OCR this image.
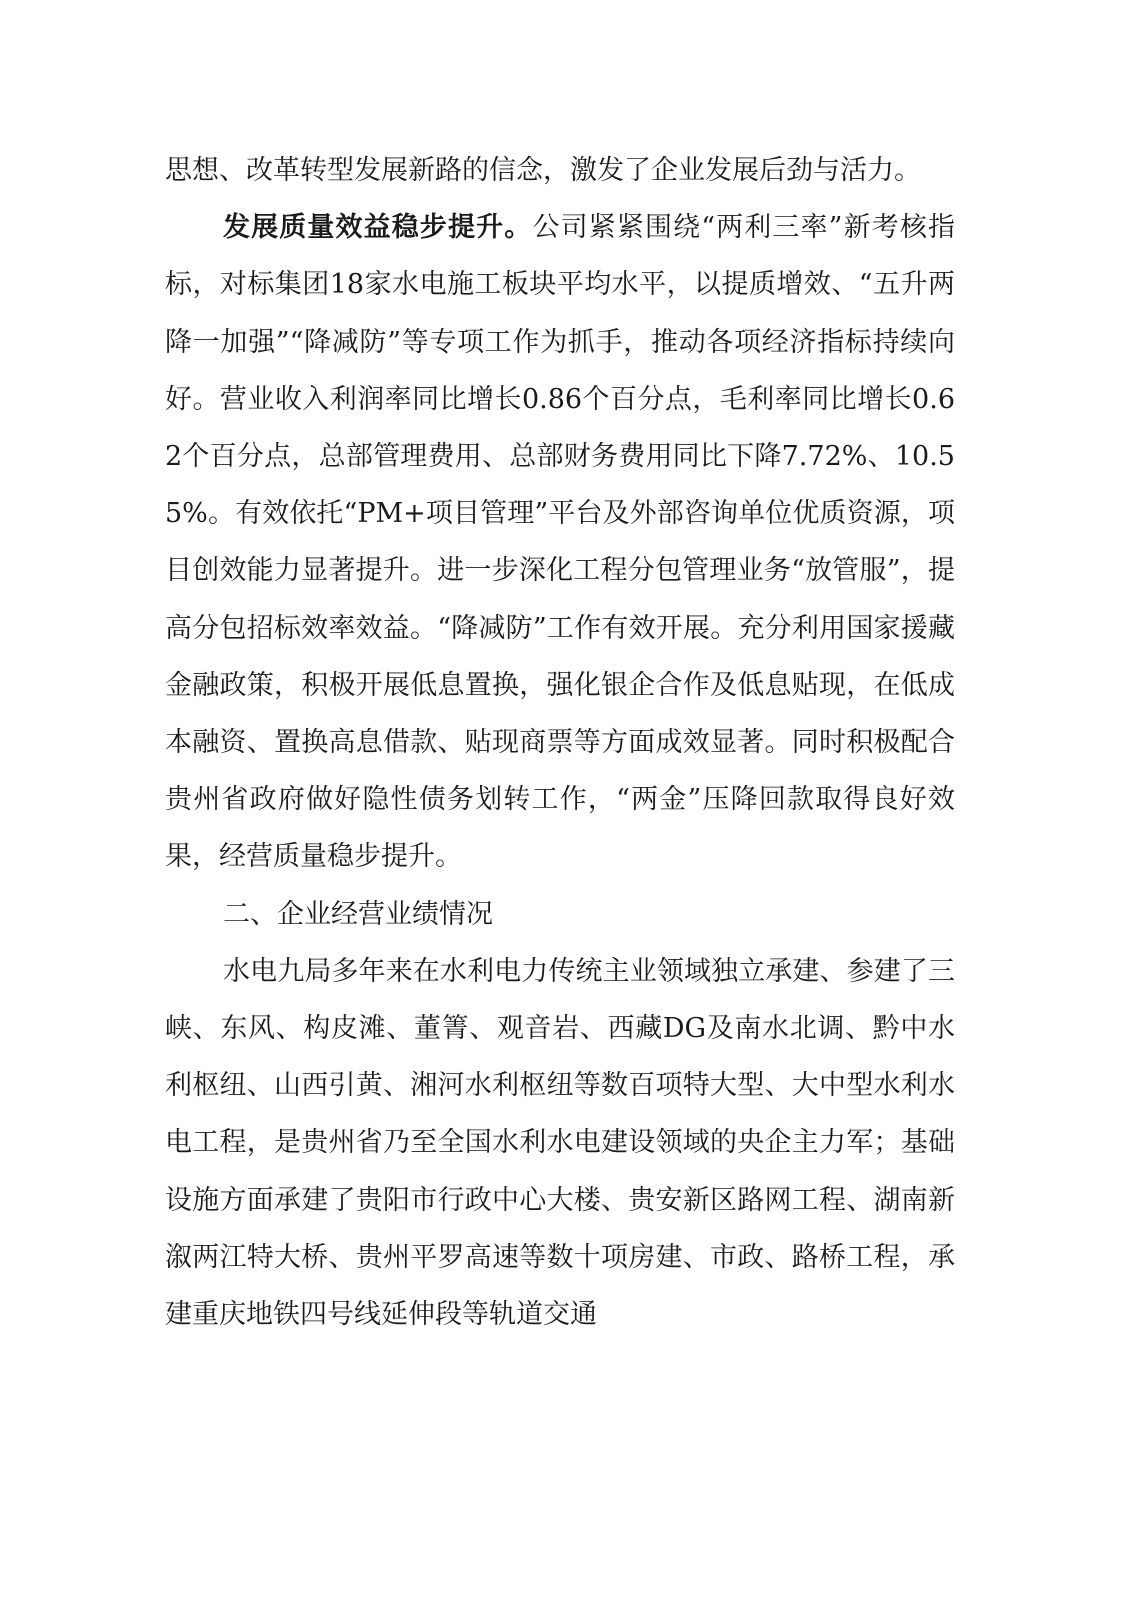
思想、改革转型发展新路的信念，激发了企业发展后劲与活力。

发展质量效益稳步提升。公司紧紧围绕“两利三率”新考核指标，对标集团18家水电施工板块平均水平，以提质增效、“五升两降一加强”“降减防”等专项工作为抓手，推动各项经济指标持续向好。营业收入利润率同比增长0.86个百分点，毛利率同比增长0.62个百分点，总部管理费用、总部财务费用同比下降7.72%、10.55%。有效依托“PM+项目管理”平台及外部咨询单位优质资源，项目创效能力显著提升。进一步深化工程分包管理业务“放管服”，提高分包招标效率效益。“降减防”工作有效开展。充分利用国家援藏金融政策，积极开展低息置换，强化银企合作及低息贴现，在低成本融资、置换高息借款、贴现商票等方面成效显著。同时积极配合贵州省政府做好隐性债务划转工作，“两金”压降回款取得良好效果，经营质量稳步提升。

二、企业经营业绩情况

水电九局多年来在水利电力传统主业领域独立承建、参建了三峡、东风、构皮滩、董箐、观音岩、西藏DG及南水北调、黔中水利枢纽、山西引黄、湘河水利枢纽等数百项特大型、大中型水利水电工程，是贵州省乃至全国水利水电建设领域的央企主力军；基础设施方面承建了贵阳市行政中心大楼、贵安新区路网工程、湖南新溆两江特大桥、贵州平罗高速等数十项房建、市政、路桥工程，承建重庆地铁四号线延伸段等轨道交通
